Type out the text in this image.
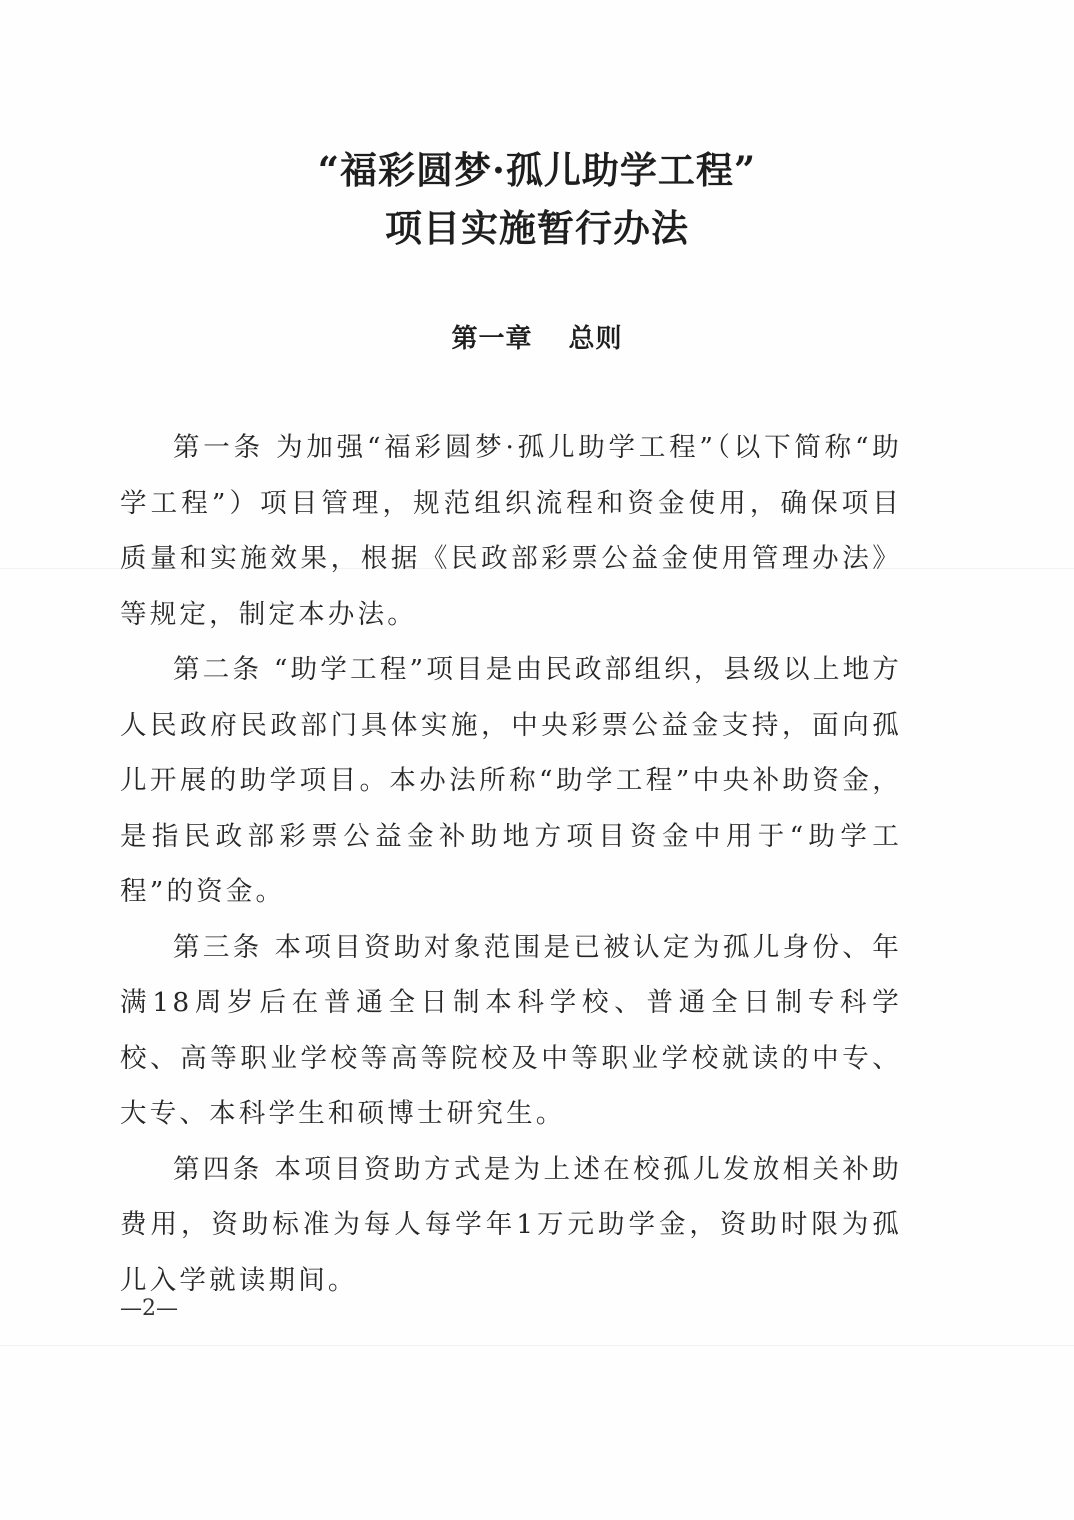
“福彩圆梦·孤儿助学工程”
项目实施暂行办法
第一章 总则

第一条 为加强“福彩圆梦·孤儿助学工程”（以下简称“助学工程”）项目管理，规范组织流程和资金使用，确保项目质量和实施效果，根据《民政部彩票公益金使用管理办法》等规定，制定本办法。

第二条 “助学工程”项目是由民政部组织，县级以上地方人民政府民政部门具体实施，中央彩票公益金支持，面向孤儿开展的助学项目。本办法所称“助学工程”中央补助资金，是指民政部彩票公益金补助地方项目资金中用于“助学工程”的资金。

第三条 本项目资助对象范围是已被认定为孤儿身份、年满18周岁后在普通全日制本科学校、普通全日制专科学校、高等职业学校等高等院校及中等职业学校就读的中专、大专、本科学生和硕博士研究生。

第四条 本项目资助方式是为上述在校孤儿发放相关补助费用，资助标准为每人每学年1万元助学金，资助时限为孤儿入学就读期间。

—2—
